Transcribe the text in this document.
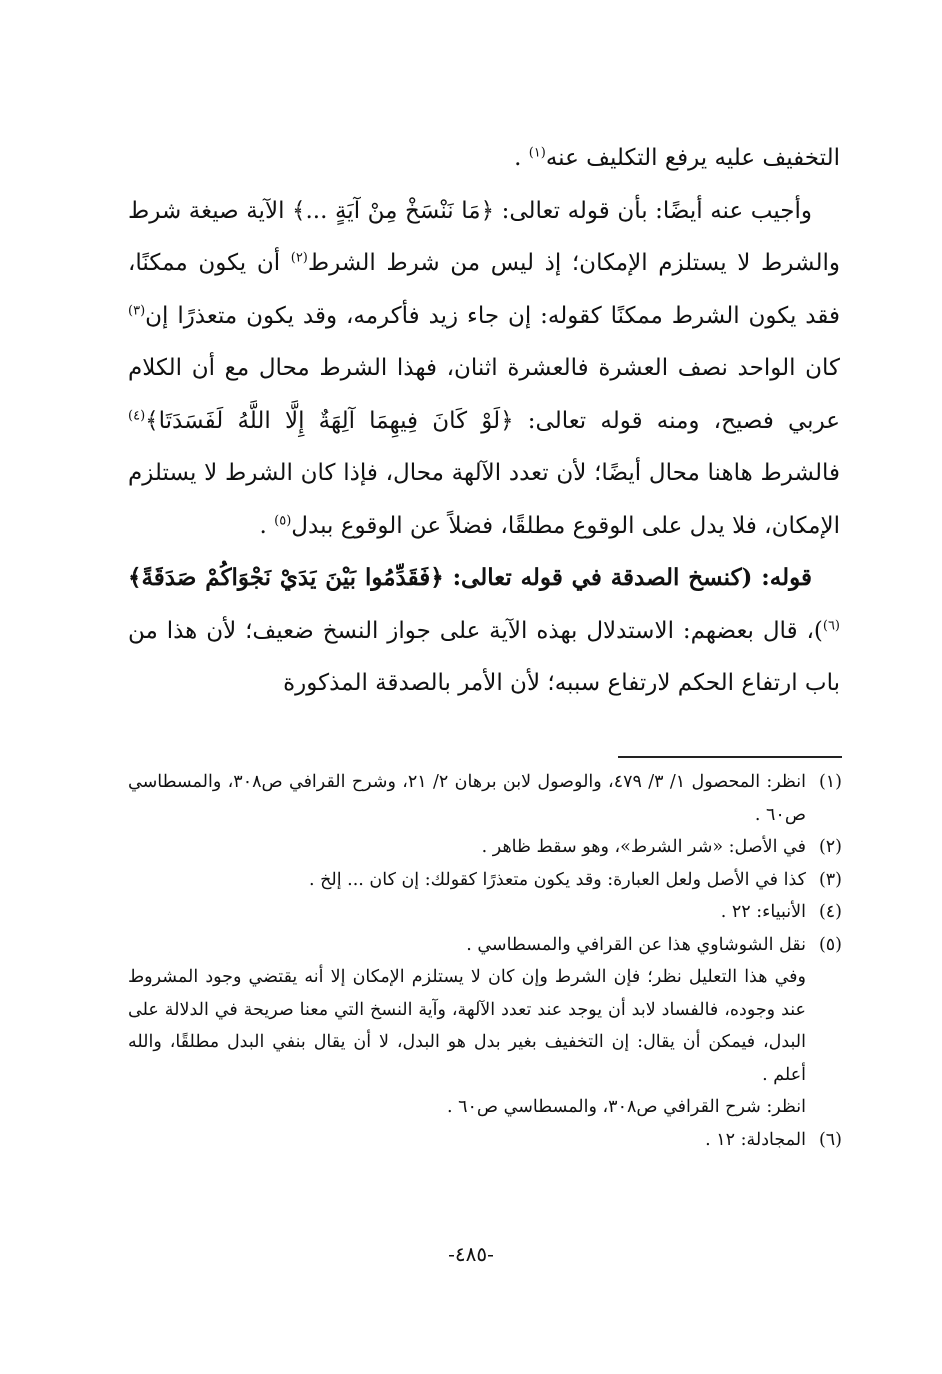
التخفيف عليه يرفع التكليف عنه$^{(١)}$ .

وأجيب عنه أيضًا: بأن قوله تعالى: ﴿مَا نَنْسَخْ مِنْ آيَةٍ ...﴾ الآية صيغة شرط والشرط لا يستلزم الإمكان؛ إذ ليس من شرط الشرط$^{(٢)}$ أن يكون ممكنًا، فقد يكون الشرط ممكنًا كقوله: إن جاء زيد فأكرمه، وقد يكون متعذرًا إن$^{(٣)}$ كان الواحد نصف العشرة فالعشرة اثنان، فهذا الشرط محال مع أن الكلام عربي فصيح، ومنه قوله تعالى: ﴿لَوْ كَانَ فِيهِمَا آلِهَةٌ إِلَّا اللَّهُ لَفَسَدَتَا﴾$^{(٤)}$ فالشرط هاهنا محال أيضًا؛ لأن تعدد الآلهة محال، فإذا كان الشرط لا يستلزم الإمكان، فلا يدل على الوقوع مطلقًا، فضلاً عن الوقوع ببدل$^{(٥)}$ .

قوله: (كنسخ الصدقة في قوله تعالى: ﴿فَقَدِّمُوا بَيْنَ يَدَيْ نَجْوَاكُمْ صَدَقَةً﴾$^{(٦)}$)، قال بعضهم: الاستدلال بهذه الآية على جواز النسخ ضعيف؛ لأن هذا من باب ارتفاع الحكم لارتفاع سببه؛ لأن الأمر بالصدقة المذكورة

(١)
انظر: المحصول ١/ ٣/ ٤٧٩، والوصول لابن برهان ٢/ ٢١، وشرح القرافي ص٣٠٨، والمسطاسي ص٦٠ .
(٢)
في الأصل: «شر الشرط»، وهو سقط ظاهر .
(٣)
كذا في الأصل ولعل العبارة: وقد يكون متعذرًا كقولك: إن كان ... إلخ .
(٤)
الأنبياء: ٢٢ .
(٥)
نقل الشوشاوي هذا عن القرافي والمسطاسي .
وفي هذا التعليل نظر؛ فإن الشرط وإن كان لا يستلزم الإمكان إلا أنه يقتضي وجود المشروط عند وجوده، فالفساد لابد أن يوجد عند تعدد الآلهة، وآية النسخ التي معنا صريحة في الدلالة على البدل، فيمكن أن يقال: إن التخفيف بغير بدل هو البدل، لا أن يقال بنفي البدل مطلقًا، والله أعلم .
انظر: شرح القرافي ص٣٠٨، والمسطاسي ص٦٠ .
(٦)
المجادلة: ١٢ .
-٤٨٥-
